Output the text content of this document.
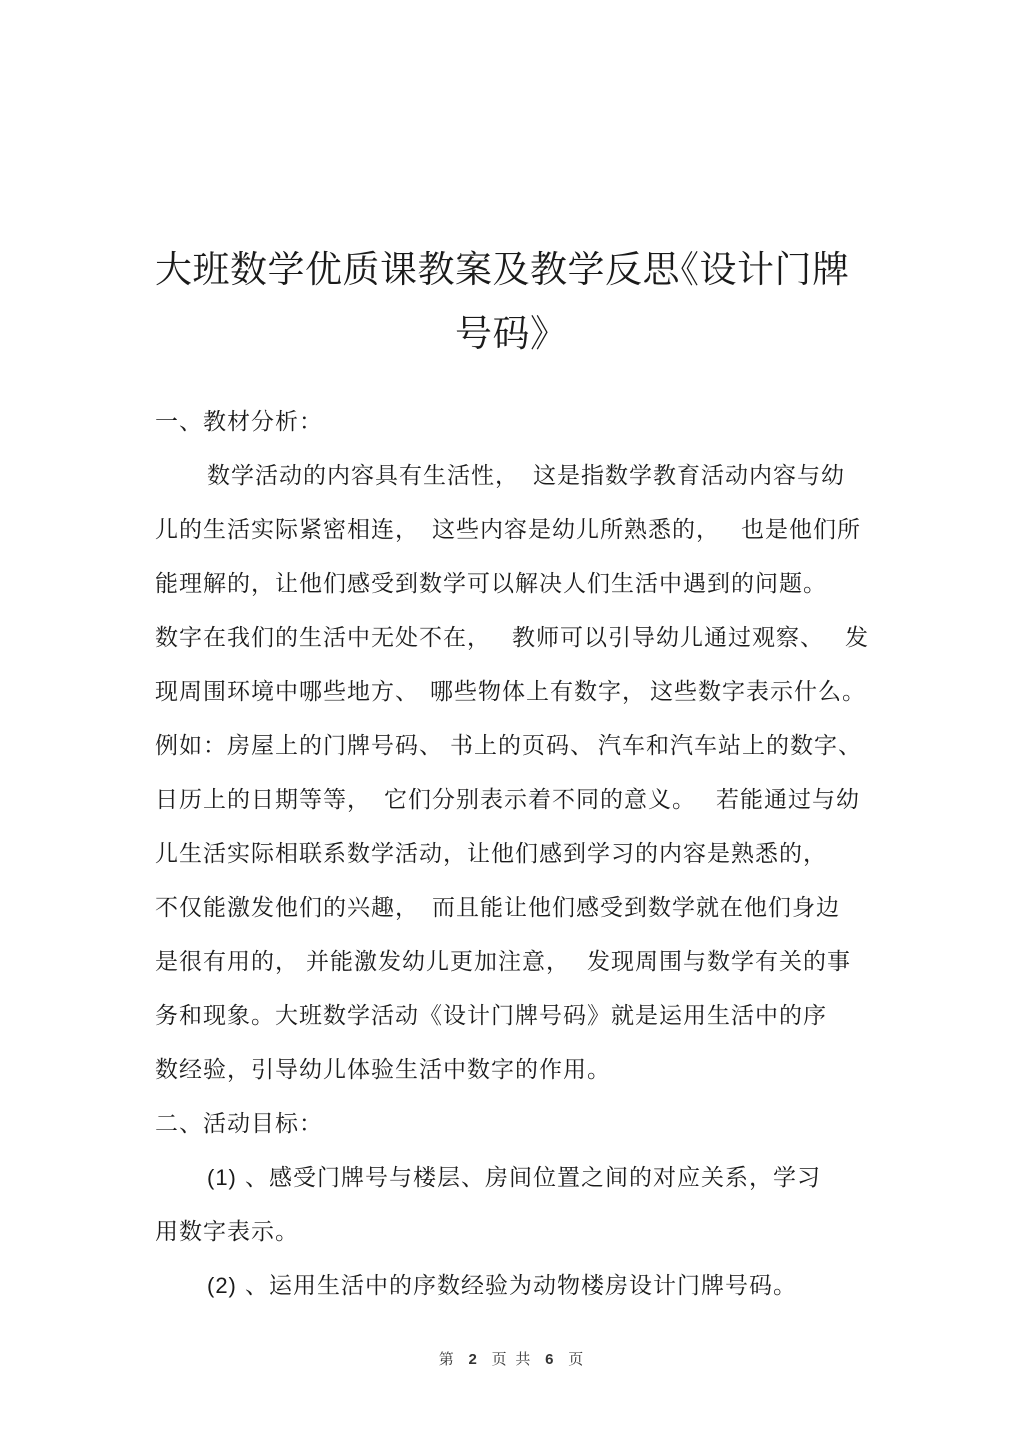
大班数学优质课教案及教学反思
《设计门牌
号码》
一、教材分析：
数学活动的内容具有生活性， 这是指数学教育活动内容与幼
儿的生活实际紧密相连， 这些内容是幼儿所熟悉的， 也是他们所
能理解的，让他们感受到数学可以解决人们生活中遇到的问题。
数字在我们的生活中无处不在， 教师可以引导幼儿通过观察、 发
现周围环境中哪些地方、 哪些物体上有数字， 这些数字表示什么。
例如：房屋上的门牌号码、 书上的页码、 汽车和汽车站上的数字、
日历上的日期等等， 它们分别表示着不同的意义。 若能通过与幼
儿生活实际相联系数学活动，让他们感到学习的内容是熟悉的，
不仅能激发他们的兴趣， 而且能让他们感受到数学就在他们身边
是很有用的， 并能激发幼儿更加注意， 发现周围与数学有关的事
务和现象。大班数学活动《设计门牌号码》就是运用生活中的序
数经验，引导幼儿体验生活中数字的作用。
二、活动目标：
(1) 、感受门牌号与楼层、房间位置之间的对应关系，学习
用数字表示。
(2) 、运用生活中的序数经验为动物楼房设计门牌号码。
第 2 页 共 6 页
